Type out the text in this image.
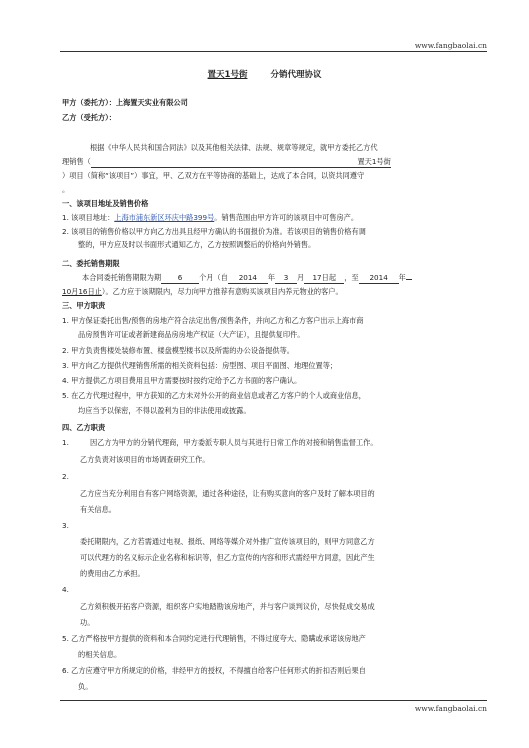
www.fangbaolai.cn
置天1号街	分销代理协议
甲方（委托方）：上海置天实业有限公司
乙方（受托方）：
根据《中华人民共和国合同法》以及其他相关法律、法规、规章等规定，就甲方委托乙方代
理销售（	置天1号街
）项目（简称“该项目”）事宜，甲、乙双方在平等协商的基础上，达成了本合同，以资共同遵守
。
一、该项目地址及销售价格
1. 该项目地址：上海市浦东新区环庆中路399号。销售范围由甲方许可的该项目中可售房产。
2. 该项目的销售价格以甲方向乙方出具且经甲方确认的书面报价为准。若该项目的销售价格有调
整的，甲方应及时以书面形式通知乙方，乙方按照调整后的价格向外销售。
二、委托销售期限
本合同委托销售期限为期 6 个月（自 2014 年 3 月 17日起 ，至 2014 年
10月16日止）。乙方应于该期限内，尽力向甲方推荐有意购买该项目内养元物业的客户。
三、甲方职责
1. 甲方保证委托出售/预售的房地产符合法定出售/预售条件，并向乙方和乙方客户出示上海市商
品房预售许可证或者新建商品房房地产权证（大产证），且提供复印件。
2. 甲方负责售楼处装修布置、楼盘模型楼书以及所需的办公设备提供等。
3. 甲方向乙方提供代理销售所需的相关资料包括：房型图、项目平面图、地理位置等；
4. 甲方提供乙方项目费用且甲方需要按时按约定给予乙方书面的客户确认。
5. 在乙方代理过程中，甲方获知的乙方未对外公开的商业信息或者乙方客户的个人或商业信息，
均应当予以保密，不得以盈利为目的非法使用或披露。
四、乙方职责
1.	因乙方为甲方的分销代理商，甲方委派专职人员与其进行日常工作的对接和销售监督工作。
乙方负责对该项目的市场调查研究工作。
2.
乙方应当充分利用自有客户网络资源，通过各种途径，让有购买意向的客户及时了解本项目的
有关信息。
3.
委托期限内，乙方若需通过电视、报纸、网络等媒介对外推广宣传该项目的，则甲方同意乙方
可以代理方的名义标示企业名称和标识等，但乙方宣传的内容和形式需经甲方同意，因此产生
的费用由乙方承担。
4.
乙方须积极开拓客户资源，组织客户实地踏勘该房地产，并与客户谈判议价，尽快促成交易成
功。
5. 乙方严格按甲方提供的资料和本合同约定进行代理销售，不得过度夸大、隐瞒或承诺该房地产
的相关信息。
6. 乙方应遵守甲方所规定的价格，非经甲方的授权，不得擅自给客户任何形式的折扣否则后果自
负。
www.fangbaolai.cn
